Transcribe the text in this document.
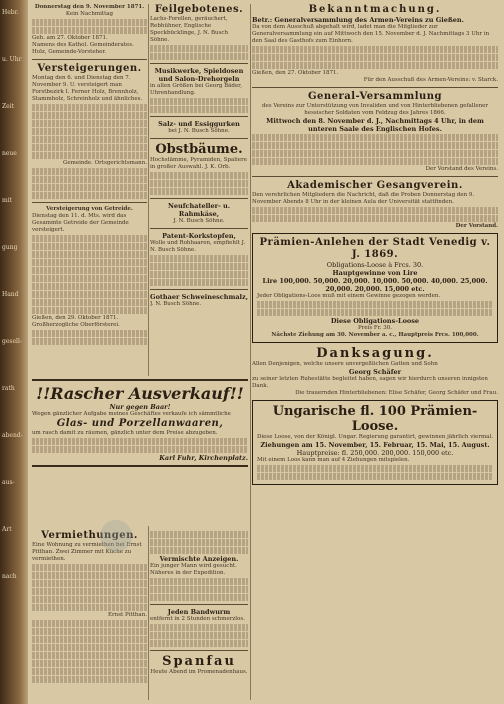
Hebr.
u. Uhr
Zeit
neue
mit
gung
Hand
gesell-
rath
abend-
aus-
Art
nach
Donnerstag den 9. November 1871.
Kein Nachmittag
Geh. am 27. Oktober 1871.
Namens des Kathol. Gemeinderates. Holz, Gemeinde-Vorsteher.
Versteigerungen.
Montag den 6. und Dienstag den 7. November 9. U. versteigert man Forstbezirk I. Ferner Holz, Brennholz, Stammholz, Schreinholz und ähnliches.
Gemeinde. Ortsgerichtsmann.
Versteigerung von Getreide.
Dienstag den 11. d. Mts. wird das Gesammte Getreide der Gemeinde versteigert.
Gießen, den 29. Oktober 1871. Großherzogliche Oberförsterei.
Feilgebotenes.
Lachs-Forellen, geräuchert, Rebhühner, Englische Speckbücklinge, J. N. Busch Söhne.
Musikwerke, Spieldosen und Salon-Drehorgeln
in allen Größen bei Georg Bäder, Uhrenhandlung.
Salz- und Essiggurken
bei J. N. Busch Söhne.
Obstbäume.
Hochstämme, Pyramiden, Spaliere in großer Auswahl. J. K. Orb.
Neufchateller- u. Rahmkäse,
J. N. Busch Söhne.
Patent-Korkstopfen,
Wolle und Rohhaaren, empfiehlt J. N. Busch Söhne.
Gothaer Schweineschmalz,
J. N. Busch Söhne.
!!Rascher Ausverkauf!!
Nur gegen Baar!
Wegen gänzlicher Aufgabe meines Geschäftes verkaufe ich sämmtliche
Glas- und Porzellanwaaren,
um rasch damit zu räumen, gänzlich unter dem Preise abzugeben.
Karl Fuhr, Kirchenplatz.
Vermiethungen.
Eine Wohnung zu vermiethen bei Ernst Pitthan. Zwei Zimmer mit Küche zu vermiethen.
Ernst Pitthan.
Vermischte Anzeigen.
Ein junger Mann wird gesucht. Näheres in der Expedition.
Jeden Bandwurm
entfernt in 2 Stunden schmerzlos.
Spanfau
Heute Abend im Promenadenhaus.
Bekanntmachung.
Betr.: Generalversammlung des Armen-Vereins zu Gießen.
Da von dem Ausschuß abgehalt wird, ladet man die Mitglieder zur Generalversammlung ein auf Mittwoch den 15. November d. J. Nachmittags 3 Uhr in den Saal des Gasthofs zum Einhorn.
Gießen, den 27. Oktober 1871.
Für den Ausschuß des Armen-Vereins: v. Starck.
General-Versammlung
des Vereins zur Unterstützung von Invaliden und von Hinterbliebenen gefallener hessischer Soldaten vom Feldzug des Jahres 1866.
Mittwoch den 8. November d. J., Nachmittags 4 Uhr, in dem unteren Saale des Englischen Hofes.
Der Vorstand des Vereins.
Akademischer Gesangverein.
Den verehrlichen Mitgliedern die Nachricht, daß die Proben Donnerstag den 9. November Abends 8 Uhr in der kleinen Aula der Universität stattfinden.
Der Vorstand.
Prämien-Anlehen der Stadt Venedig v. J. 1869.
Obligations-Loose à Frcs. 30.
Hauptgewinne von Lire
Lire 100,000. 50,000. 20,000. 10,000. 50,000. 40,000. 25,000. 20,000. 20,000. 15,000 etc.
Jeder Obligations-Loos muß mit einem Gewinne gezogen werden.
Diese Obligations-Loose
Preis Fr. 30.
Nächste Ziehung am 30. November a. c., Hauptpreis Frcs. 100,000.
Danksagung.
Allen Denjenigen, welche unsere unvergeßlichen Gatten und Sohn
Georg Schäfer
zu seiner letzten Ruhestätte begleitet haben, sagen wir hierdurch unseren innigsten Dank.
Die trauernden Hinterbliebenen: Elise Schäfer, Georg Schäfer und Frau.
Ungarische fl. 100 Prämien-Loose.
Diese Loose, von der Königl. Ungar. Regierung garantirt, gewinnen jährlich viermal.
Ziehungen am 15. November, 15. Februar, 15. Mai, 15. August.
Hauptpreise: fl. 250,000. 200,000. 150,000 etc.
Mit einem Loos kann man auf 4 Ziehungen mitspielen.
